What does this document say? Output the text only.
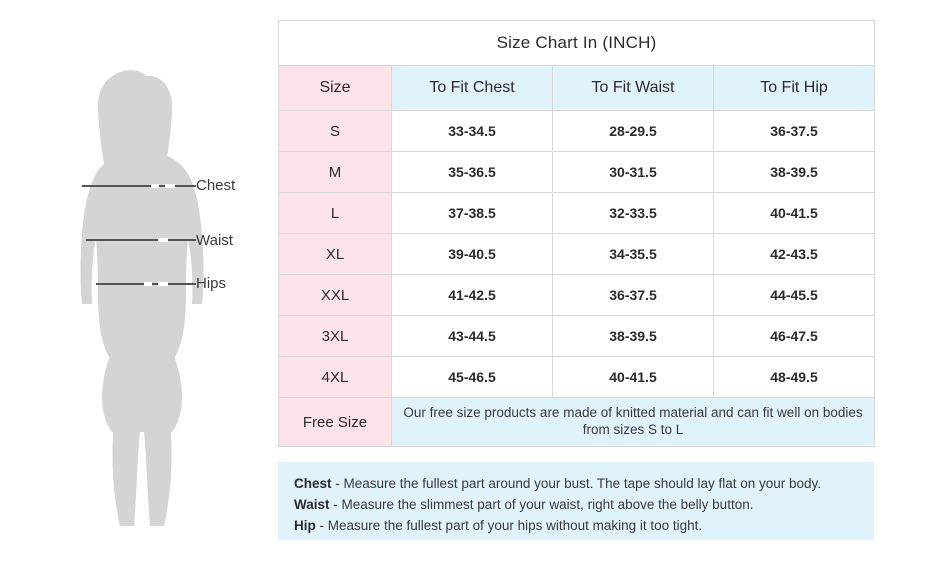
Chest
Waist
Hips
Size Chart In (INCH)			
Size	To Fit Chest	To Fit Waist	To Fit Hip
S	33-34.5	28-29.5	36-37.5
M	35-36.5	30-31.5	38-39.5
L	37-38.5	32-33.5	40-41.5
XL	39-40.5	34-35.5	42-43.5
XXL	41-42.5	36-37.5	44-45.5
3XL	43-44.5	38-39.5	46-47.5
4XL	45-46.5	40-41.5	48-49.5
Free Size	Our free size products are made of knitted material and can fit well on bodies from sizes S to L		
Chest - Measure the fullest part around your bust. The tape should lay flat on your body.
Waist - Measure the slimmest part of your waist, right above the belly button.
Hip - Measure the fullest part of your hips without making it too tight.
